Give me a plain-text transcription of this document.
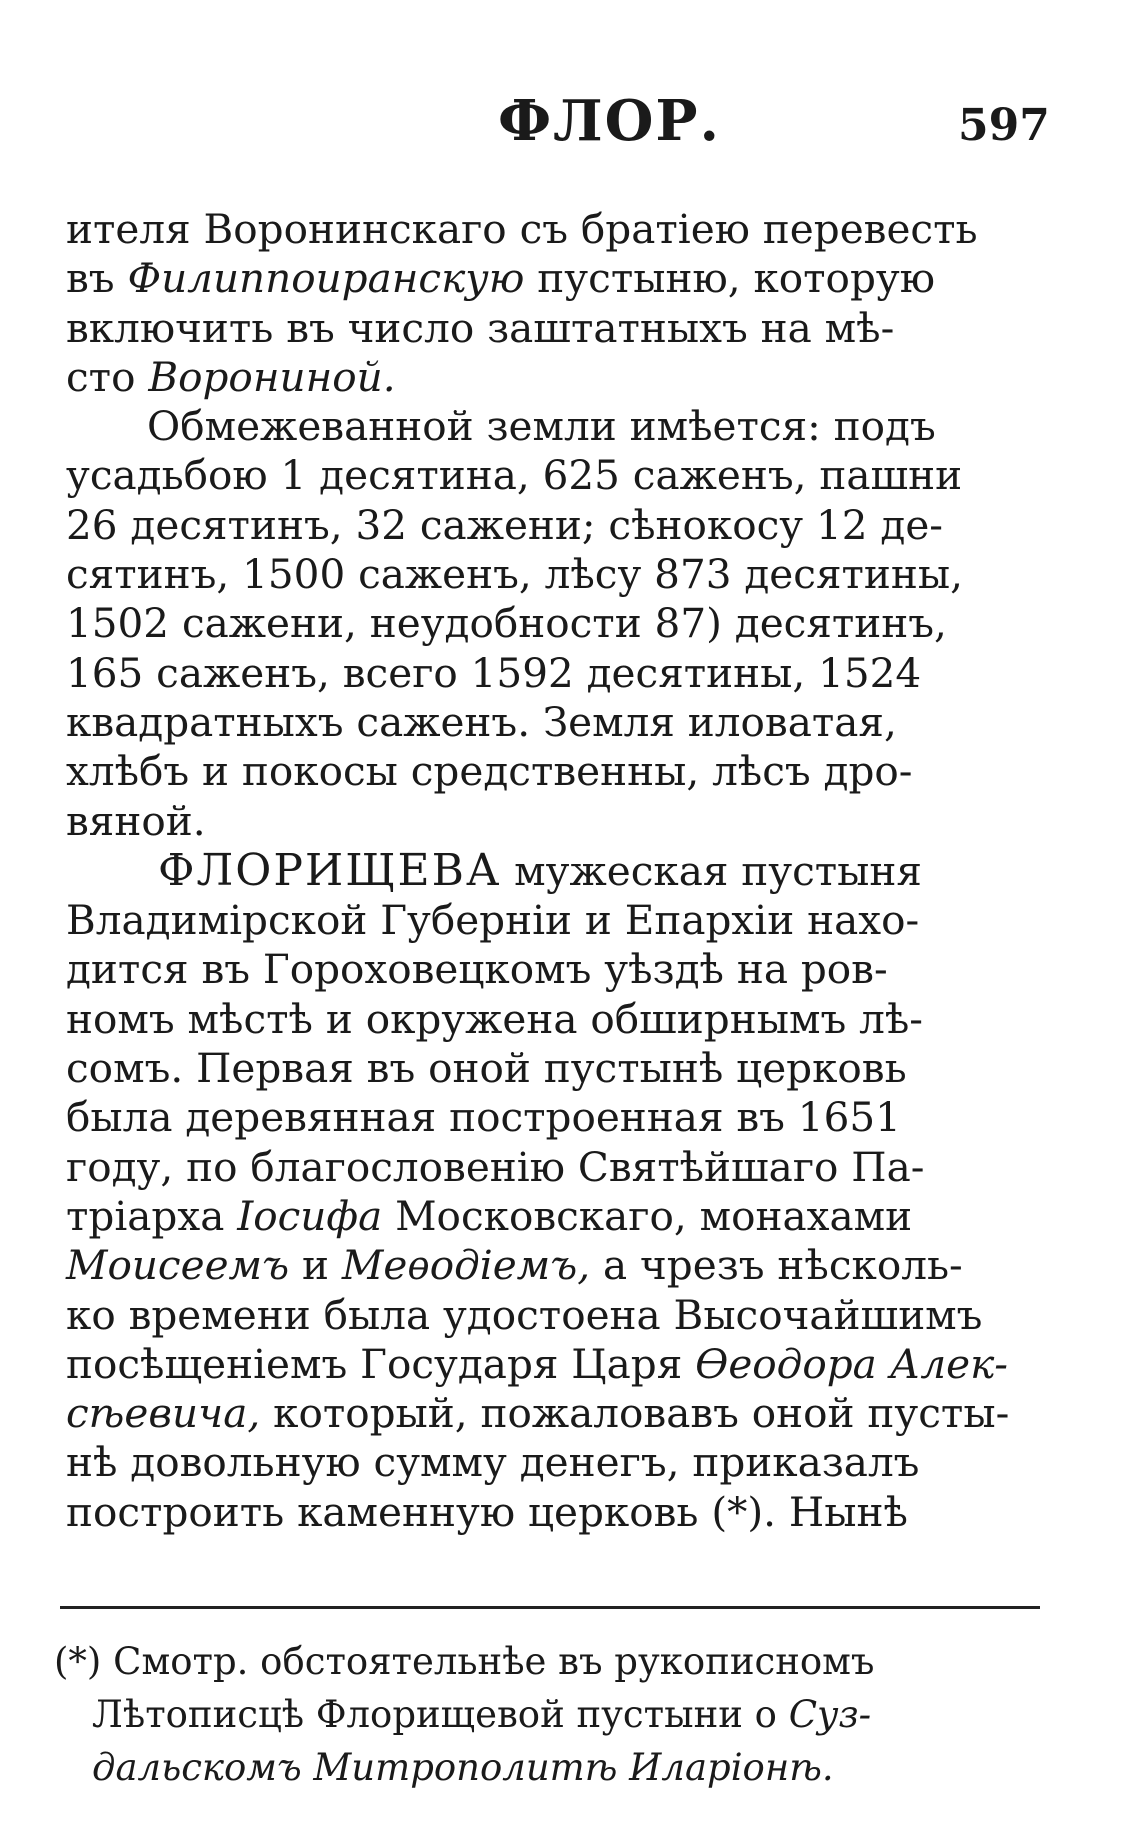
ФЛОР.	597
ителя Воронинскаго съ братiею перевесть
въ Филиппоиранскую пустыню, которую
включить въ число заштатныхъ на мѣ-
сто Ворониной.
  Обмежеванной земли имѣется: подъ
усадьбою 1 десятина, 625 саженъ, пашни
26 десятинъ, 32 сажени; сѣнокосу 12 де-
сятинъ, 1500 саженъ, лѣсу 873 десятины,
1502 сажени, неудобности 87) десятинъ,
165 саженъ, всего 1592 десятины, 1524
квадратныхъ саженъ. Земля иловатая,
хлѣбъ и покосы средственны, лѣсъ дро-
вяной.
  ФЛОРИЩЕВА мужеская пустыня
Владимiрской Губернiи и Епархiи нахо-
дится въ Гороховецкомъ уѣздѣ на ров-
номъ мѣстѣ и окружена обширнымъ лѣ-
сомъ. Первая въ оной пустынѣ церковь
была деревянная построенная въ 1651
году, по благословенiю Святѣйшаго Па-
трiарха Iосифа Московскаго, монахами
Моисеемъ и Меѳодiемъ, а чрезъ нѣсколь-
ко времени была удостоена Высочайшимъ
посѣщенiемъ Государя Царя Ѳеодора Алек-
сѣевича, который, пожаловавъ оной пусты-
нѣ довольную сумму денегъ, приказалъ
построить каменную церковь (*). Нынѣ
(*) Смотр. обстоятельнѣе въ рукописномъ
Лѣтописцѣ Флорищевой пустыни о Суз-
дальскомъ Митрополитѣ Иларiонѣ.
